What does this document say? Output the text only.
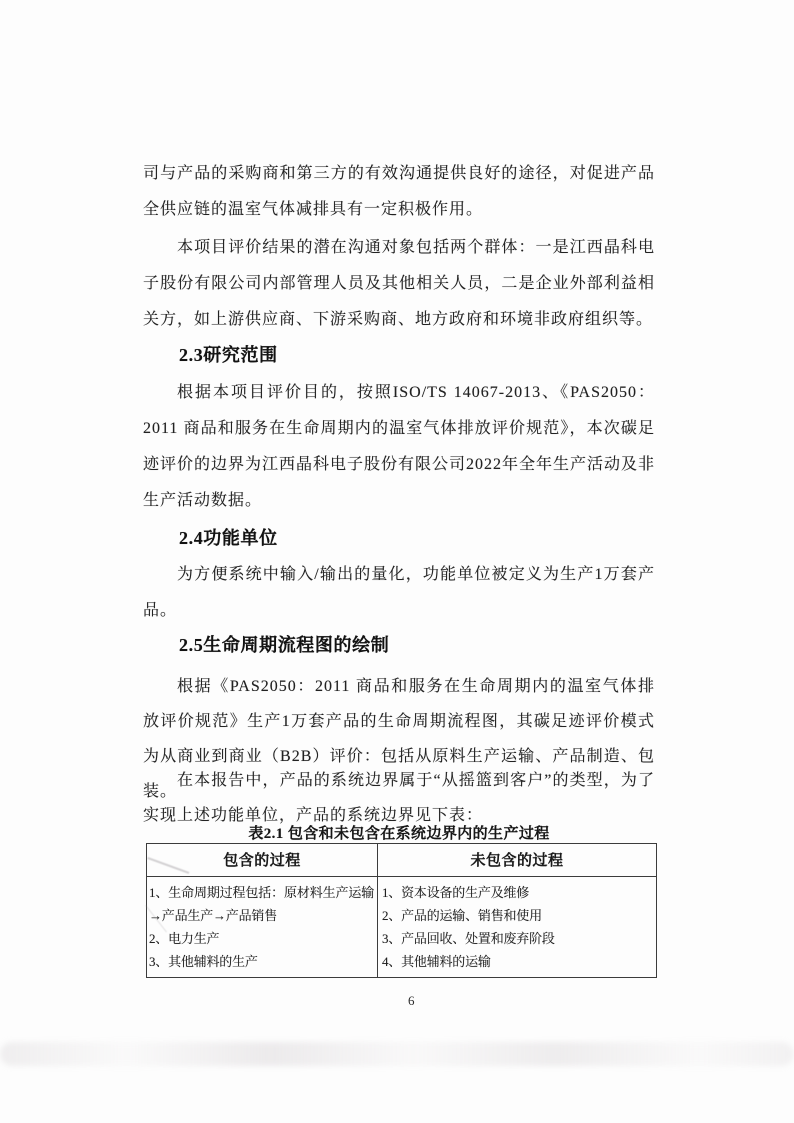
司与产品的采购商和第三方的有效沟通提供良好的途径，对促进产品全供应链的温室气体减排具有一定积极作用。

本项目评价结果的潜在沟通对象包括两个群体：一是江西晶科电子股份有限公司内部管理人员及其他相关人员，二是企业外部利益相关方，如上游供应商、下游采购商、地方政府和环境非政府组织等。

2.3研究范围

根据本项目评价目的，按照ISO/TS 14067-2013、《PAS2050：2011 商品和服务在生命周期内的温室气体排放评价规范》，本次碳足迹评价的边界为江西晶科电子股份有限公司2022年全年生产活动及非生产活动数据。

2.4功能单位

为方便系统中输入/输出的量化，功能单位被定义为生产1万套产品。

2.5生命周期流程图的绘制

根据《PAS2050：2011 商品和服务在生命周期内的温室气体排放评价规范》生产1万套产品的生命周期流程图，其碳足迹评价模式为从商业到商业（B2B）评价：包括从原料生产运输、产品制造、包装。

在本报告中，产品的系统边界属于“从摇篮到客户”的类型，为了实现上述功能单位，产品的系统边界见下表：

表2.1 包含和未包含在系统边界内的生产过程
包含的过程	未包含的过程
1、生命周期过程包括：原材料生产运输→产品生产→产品销售
2、电力生产
3、其他辅料的生产
1、资本设备的生产及维修
2、产品的运输、销售和使用
3、产品回收、处置和废弃阶段
4、其他辅料的运输
6
